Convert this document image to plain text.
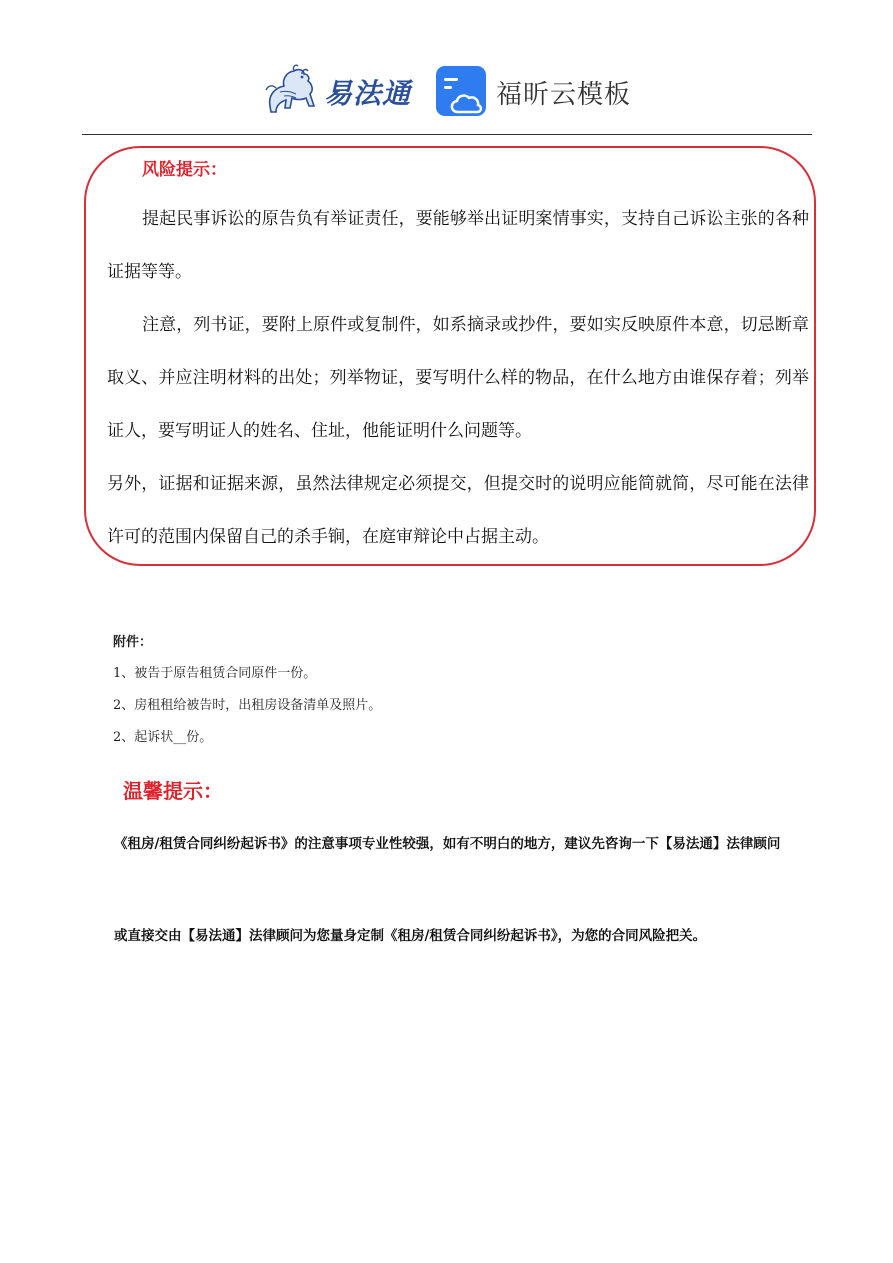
易法通	福昕云模板
风险提示：
提起民事诉讼的原告负有举证责任，要能够举出证明案情事实，支持自己诉讼主张的各种证据等等。
注意，列书证，要附上原件或复制件，如系摘录或抄件，要如实反映原件本意，切忌断章取义、并应注明材料的出处；列举物证，要写明什么样的物品，在什么地方由谁保存着；列举证人，要写明证人的姓名、住址，他能证明什么问题等。
另外，证据和证据来源，虽然法律规定必须提交，但提交时的说明应能简就简，尽可能在法律许可的范围内保留自己的杀手锏，在庭审辩论中占据主动。
附件：
1、被告于原告租赁合同原件一份。
2、房租租给被告时，出租房设备清单及照片。
2、起诉状__份。
温馨提示：
《租房/租赁合同纠纷起诉书》的注意事项专业性较强，如有不明白的地方，建议先咨询一下【易法通】法律顾问
或直接交由【易法通】法律顾问为您量身定制《租房/租赁合同纠纷起诉书》，为您的合同风险把关。
